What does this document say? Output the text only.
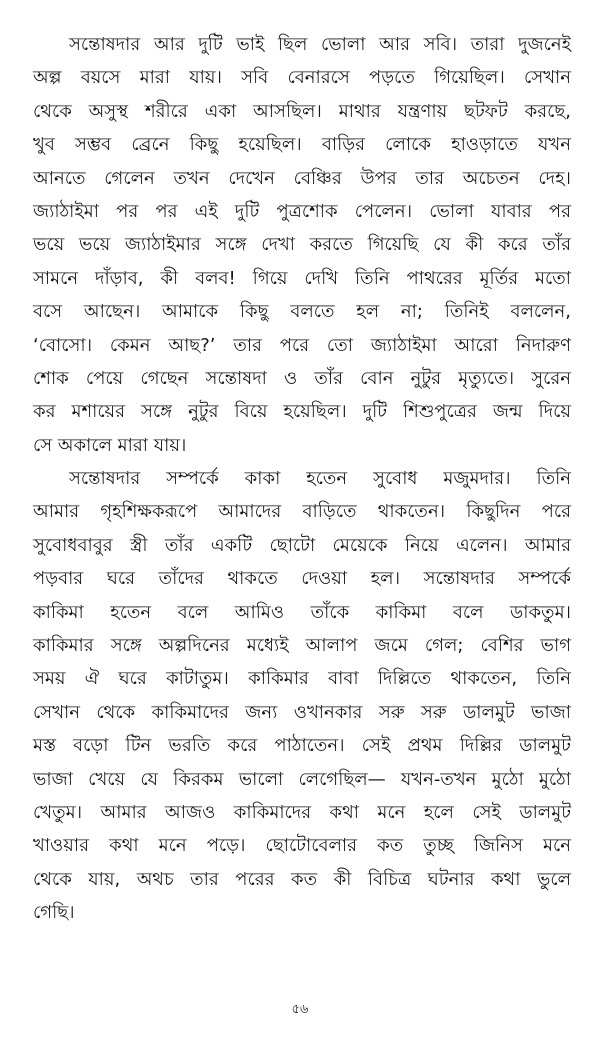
সন্তোষদার আর দুটি ভাই ছিল ভোলা আর সবি। তারা দুজনেই
অল্প বয়সে মারা যায়। সবি বেনারসে পড়তে গিয়েছিল। সেখান
থেকে অসুস্থ শরীরে একা আসছিল। মাথার যন্ত্রণায় ছটফট করছে,
খুব সম্ভব ব্রেনে কিছু হয়েছিল। বাড়ির লোকে হাওড়াতে যখন
আনতে গেলেন তখন দেখেন বেঞ্চির উপর তার অচেতন দেহ।
জ্যাঠাইমা পর পর এই দুটি পুত্রশোক পেলেন। ভোলা যাবার পর
ভয়ে ভয়ে জ্যাঠাইমার সঙ্গে দেখা করতে গিয়েছি যে কী করে তাঁর
সামনে দাঁড়াব, কী বলব! গিয়ে দেখি তিনি পাথরের মূর্তির মতো
বসে আছেন। আমাকে কিছু বলতে হল না; তিনিই বললেন,
‘বোসো। কেমন আছ?’ তার পরে তো জ্যাঠাইমা আরো নিদারুণ
শোক পেয়ে গেছেন সন্তোষদা ও তাঁর বোন নুটুর মৃত্যুতে। সুরেন
কর মশায়ের সঙ্গে নুটুর বিয়ে হয়েছিল। দুটি শিশুপুত্রের জন্ম দিয়ে
সে অকালে মারা যায়।
সন্তোষদার সম্পর্কে কাকা হতেন সুবোধ মজুমদার। তিনি
আমার গৃহশিক্ষকরূপে আমাদের বাড়িতে থাকতেন। কিছুদিন পরে
সুবোধবাবুর স্ত্রী তাঁর একটি ছোটো মেয়েকে নিয়ে এলেন। আমার
পড়বার ঘরে তাঁদের থাকতে দেওয়া হল। সন্তোষদার সম্পর্কে
কাকিমা হতেন বলে আমিও তাঁকে কাকিমা বলে ডাকতুম।
কাকিমার সঙ্গে অল্পদিনের মধ্যেই আলাপ জমে গেল; বেশির ভাগ
সময় ঐ ঘরে কাটাতুম। কাকিমার বাবা দিল্লিতে থাকতেন, তিনি
সেখান থেকে কাকিমাদের জন্য ওখানকার সরু সরু ডালমুট ভাজা
মস্ত বড়ো টিন ভরতি করে পাঠাতেন। সেই প্রথম দিল্লির ডালমুট
ভাজা খেয়ে যে কিরকম ভালো লেগেছিল— যখন-তখন মুঠো মুঠো
খেতুম। আমার আজও কাকিমাদের কথা মনে হলে সেই ডালমুট
খাওয়ার কথা মনে পড়ে। ছোটোবেলার কত তুচ্ছ জিনিস মনে
থেকে যায়, অথচ তার পরের কত কী বিচিত্র ঘটনার কথা ভুলে
গেছি।
৫৬
